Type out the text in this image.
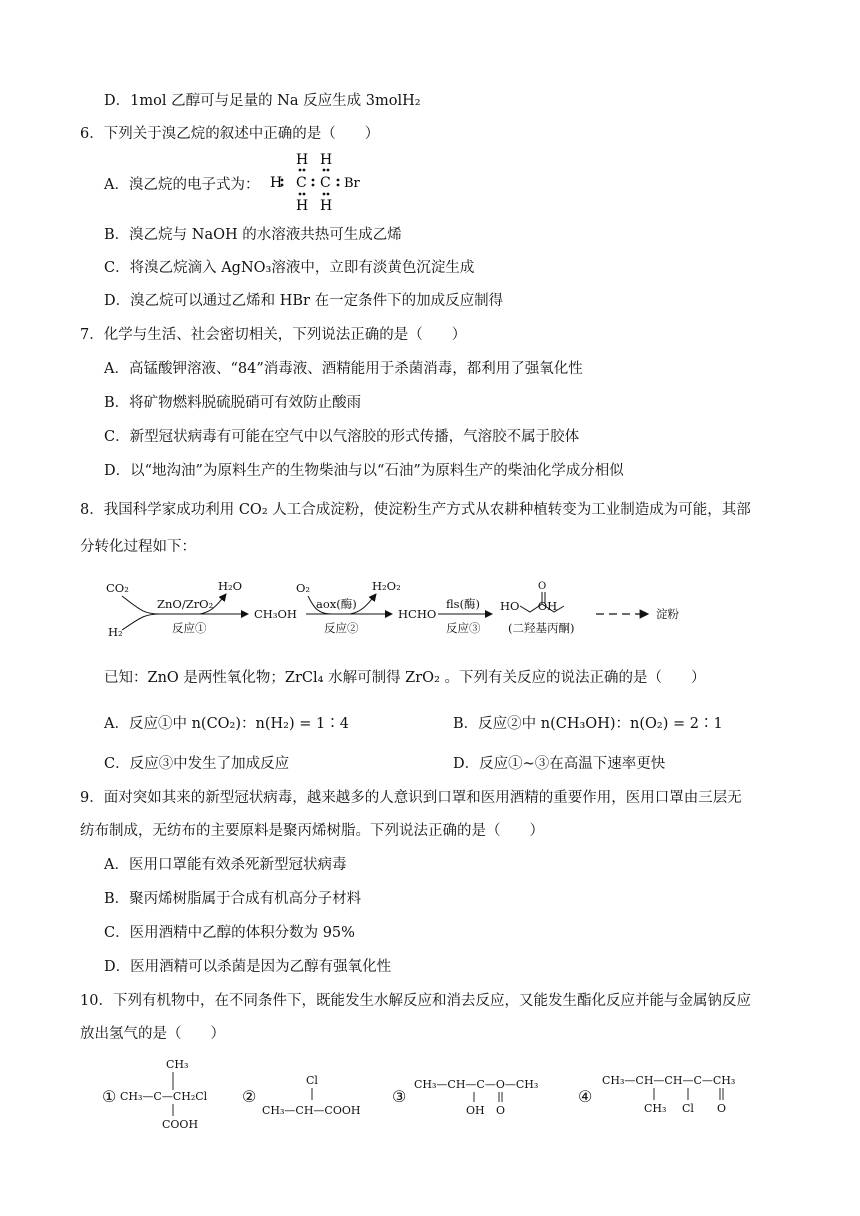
D．1mol 乙醇可与足量的 Na 反应生成 3molH₂
6．下列关于溴乙烷的叙述中正确的是（　　）
A．溴乙烷的电子式为：
H H
H C C Br
H H
B．溴乙烷与 NaOH 的水溶液共热可生成乙烯
C．将溴乙烷滴入 AgNO₃溶液中，立即有淡黄色沉淀生成
D．溴乙烷可以通过乙烯和 HBr 在一定条件下的加成反应制得
7．化学与生活、社会密切相关，下列说法正确的是（　　）
A．高锰酸钾溶液、“84”消毒液、酒精能用于杀菌消毒，都利用了强氧化性
B．将矿物燃料脱硫脱硝可有效防止酸雨
C．新型冠状病毒有可能在空气中以气溶胶的形式传播，气溶胶不属于胶体
D．以“地沟油”为原料生产的生物柴油与以“石油”为原料生产的柴油化学成分相似
8．我国科学家成功利用 CO₂ 人工合成淀粉，使淀粉生产方式从农耕种植转变为工业制造成为可能，其部
分转化过程如下：
CO₂
H₂
ZnO/ZrO₂
H₂O
反应①
CH₃OH
O₂
aox(酶)
H₂O₂
反应②
HCHO
fls(酶)
反应③
HO     OH
O
(二羟基丙酮)
淀粉
已知：ZnO 是两性氧化物；ZrCl₄ 水解可制得 ZrO₂ 。下列有关反应的说法正确的是（　　）
A．反应①中 n(CO₂)：n(H₂) = 1∶4	B．反应②中 n(CH₃OH)：n(O₂) = 2∶1
C．反应③中发生了加成反应	D．反应①~③在高温下速率更快
9．面对突如其来的新型冠状病毒，越来越多的人意识到口罩和医用酒精的重要作用，医用口罩由三层无
纺布制成，无纺布的主要原料是聚丙烯树脂。下列说法正确的是（　　）
A．医用口罩能有效杀死新型冠状病毒
B．聚丙烯树脂属于合成有机高分子材料
C．医用酒精中乙醇的体积分数为 95%
D．医用酒精可以杀菌是因为乙醇有强氧化性
10．下列有机物中，在不同条件下，既能发生水解反应和消去反应，又能发生酯化反应并能与金属钠反应
放出氢气的是（　　）
①
CH₃
CH₃—C—CH₂Cl
COOH
②
Cl
CH₃—CH—COOH
③
CH₃—CH—C—O—CH₃
OH O
④
CH₃—CH—CH—C—CH₃
CH₃ Cl O
